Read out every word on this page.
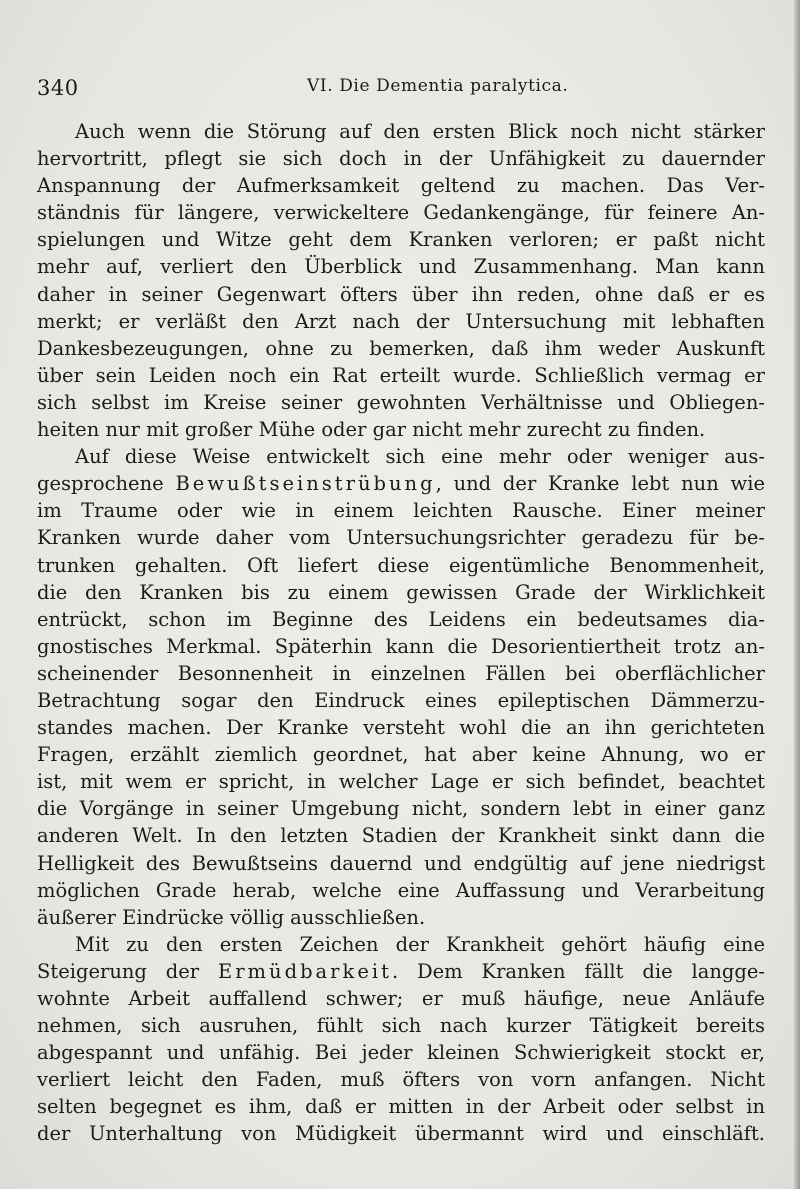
340	VI. Die Dementia paralytica.
Auch wenn die Störung auf den ersten Blick noch nicht stärker
hervortritt, pflegt sie sich doch in der Unfähigkeit zu dauernder
Anspannung der Aufmerksamkeit geltend zu machen. Das Ver-
ständnis für längere, verwickeltere Gedankengänge, für feinere An-
spielungen und Witze geht dem Kranken verloren; er paßt nicht
mehr auf, verliert den Überblick und Zusammenhang. Man kann
daher in seiner Gegenwart öfters über ihn reden, ohne daß er es
merkt; er verläßt den Arzt nach der Untersuchung mit lebhaften
Dankesbezeugungen, ohne zu bemerken, daß ihm weder Auskunft
über sein Leiden noch ein Rat erteilt wurde. Schließlich vermag er
sich selbst im Kreise seiner gewohnten Verhältnisse und Obliegen-
heiten nur mit großer Mühe oder gar nicht mehr zurecht zu finden.
Auf diese Weise entwickelt sich eine mehr oder weniger aus-
gesprochene Bewußtseinstrübung, und der Kranke lebt nun wie
im Traume oder wie in einem leichten Rausche. Einer meiner
Kranken wurde daher vom Untersuchungsrichter geradezu für be-
trunken gehalten. Oft liefert diese eigentümliche Benommenheit,
die den Kranken bis zu einem gewissen Grade der Wirklichkeit
entrückt, schon im Beginne des Leidens ein bedeutsames dia-
gnostisches Merkmal. Späterhin kann die Desorientiertheit trotz an-
scheinender Besonnenheit in einzelnen Fällen bei oberflächlicher
Betrachtung sogar den Eindruck eines epileptischen Dämmerzu-
standes machen. Der Kranke versteht wohl die an ihn gerichteten
Fragen, erzählt ziemlich geordnet, hat aber keine Ahnung, wo er
ist, mit wem er spricht, in welcher Lage er sich befindet, beachtet
die Vorgänge in seiner Umgebung nicht, sondern lebt in einer ganz
anderen Welt. In den letzten Stadien der Krankheit sinkt dann die
Helligkeit des Bewußtseins dauernd und endgültig auf jene niedrigst
möglichen Grade herab, welche eine Auffassung und Verarbeitung
äußerer Eindrücke völlig ausschließen.
Mit zu den ersten Zeichen der Krankheit gehört häufig eine
Steigerung der Ermüdbarkeit. Dem Kranken fällt die langge-
wohnte Arbeit auffallend schwer; er muß häufige, neue Anläufe
nehmen, sich ausruhen, fühlt sich nach kurzer Tätigkeit bereits
abgespannt und unfähig. Bei jeder kleinen Schwierigkeit stockt er,
verliert leicht den Faden, muß öfters von vorn anfangen. Nicht
selten begegnet es ihm, daß er mitten in der Arbeit oder selbst in
der Unterhaltung von Müdigkeit übermannt wird und einschläft.
